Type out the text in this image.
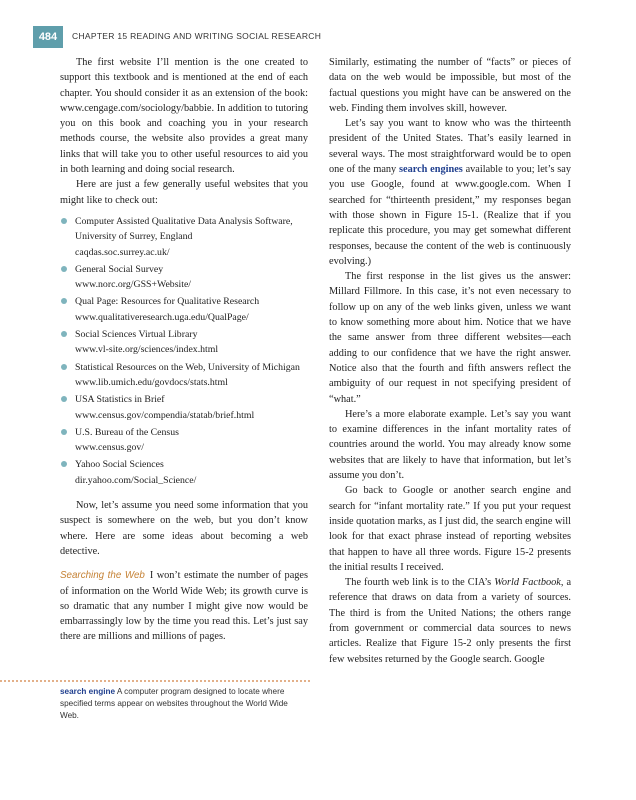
484	CHAPTER 15 READING AND WRITING SOCIAL RESEARCH

The first website I’ll mention is the one created to support this textbook and is mentioned at the end of each chapter. You should consider it as an extension of the book: www.cengage.com/sociology/babbie. In addition to tutoring you on this book and coaching you in your research methods course, the website also provides a great many links that will take you to other useful resources to aid you in both learning and doing social research.

Here are just a few generally useful websites that you might like to check out:

Computer Assisted Qualitative Data Analysis Software, University of Surrey, England
caqdas.soc.surrey.ac.uk/
General Social Survey
www.norc.org/GSS+Website/
Qual Page: Resources for Qualitative Research
www.qualitativeresearch.uga.edu/QualPage/
Social Sciences Virtual Library
www.vl-site.org/sciences/index.html
Statistical Resources on the Web, University of Michigan
www.lib.umich.edu/govdocs/stats.html
USA Statistics in Brief
www.census.gov/compendia/statab/brief.html
U.S. Bureau of the Census
www.census.gov/
Yahoo Social Sciences
dir.yahoo.com/Social_Science/

Now, let’s assume you need some information that you suspect is somewhere on the web, but you don’t know where. Here are some ideas about becoming a web detective.

Searching the Web I won’t estimate the number of pages of information on the World Wide Web; its growth curve is so dramatic that any number I might give now would be embarrassingly low by the time you read this. Let’s just say there are millions and millions of pages.

search engine A computer program designed to locate where specified terms appear on websites throughout the World Wide Web.

Similarly, estimating the number of “facts” or pieces of data on the web would be impossible, but most of the factual questions you might have can be answered on the web. Finding them involves skill, however.

Let’s say you want to know who was the thirteenth president of the United States. That’s easily learned in several ways. The most straightforward would be to open one of the many search engines available to you; let’s say you use Google, found at www.google.com. When I searched for “thirteenth president,” my responses began with those shown in Figure 15-1. (Realize that if you replicate this procedure, you may get somewhat different responses, because the content of the web is continuously evolving.)

The first response in the list gives us the answer: Millard Fillmore. In this case, it’s not even necessary to follow up on any of the web links given, unless we want to know something more about him. Notice that we have the same answer from three different websites—each adding to our confidence that we have the right answer. Notice also that the fourth and fifth answers reflect the ambiguity of our request in not specifying president of “what.”

Here’s a more elaborate example. Let’s say you want to examine differences in the infant mortality rates of countries around the world. You may already know some websites that are likely to have that information, but let’s assume you don’t.

Go back to Google or another search engine and search for “infant mortality rate.” If you put your request inside quotation marks, as I just did, the search engine will look for that exact phrase instead of reporting websites that happen to have all three words. Figure 15-2 presents the initial results I received.

The fourth web link is to the CIA’s World Factbook, a reference that draws on data from a variety of sources. The third is from the United Nations; the others range from government or commercial data sources to news articles. Realize that Figure 15-2 only presents the first few websites returned by the Google search. Google
